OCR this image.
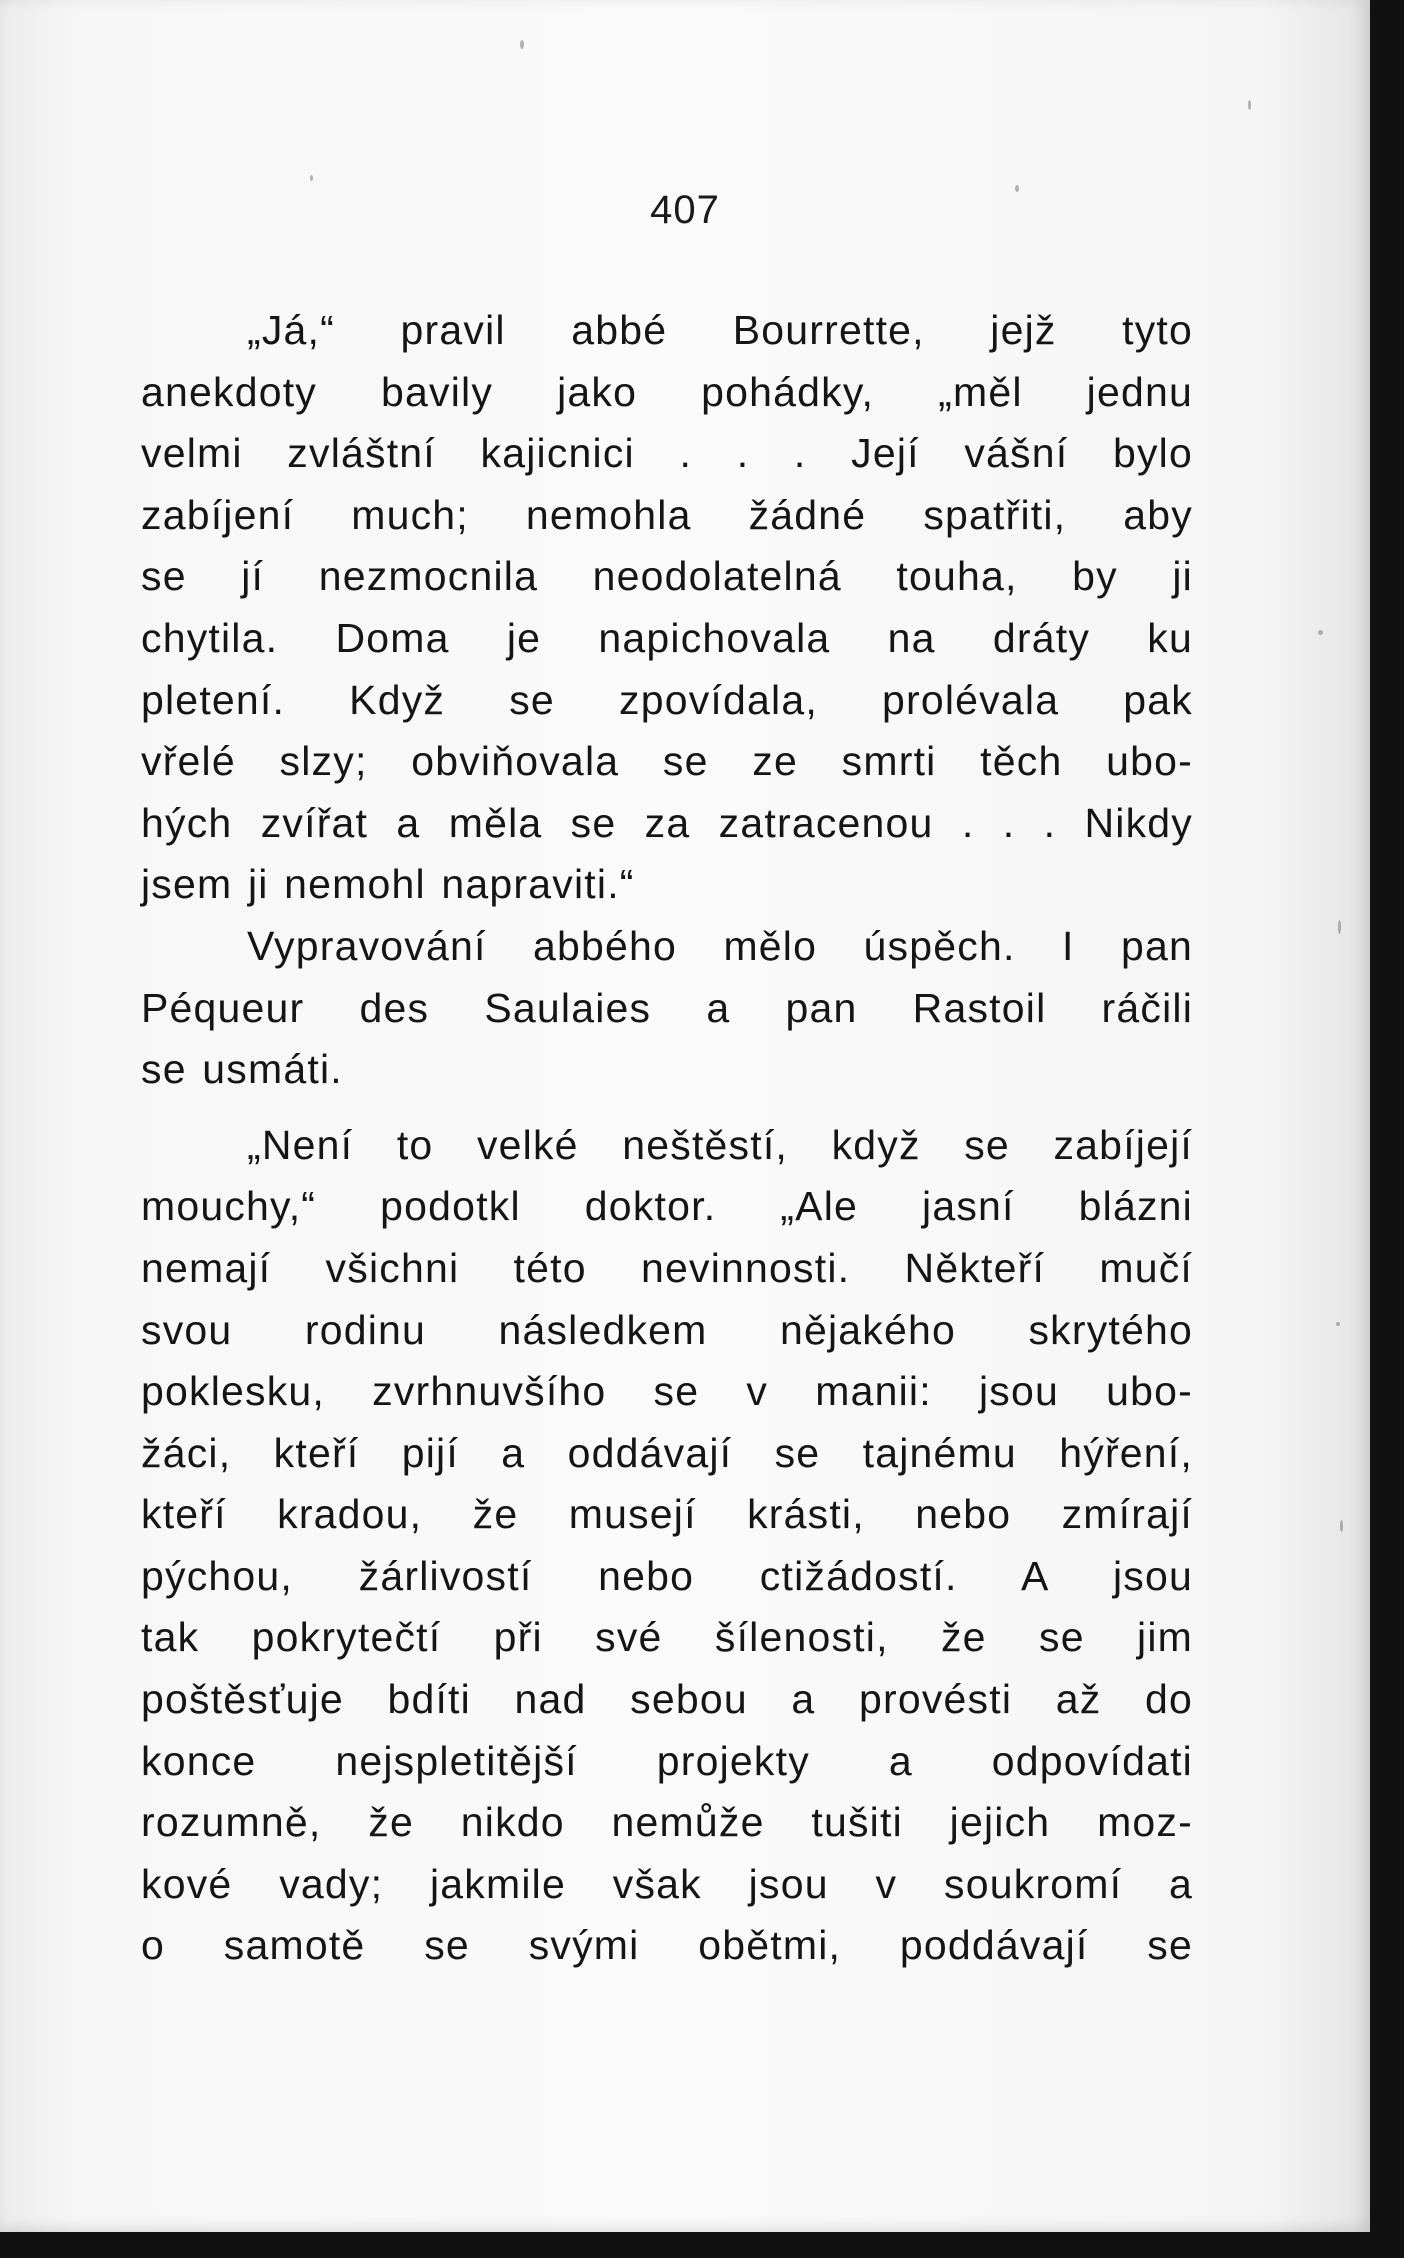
407
„Já,“ pravil abbé Bourrette, jejž tyto
anekdoty bavily jako pohádky, „měl jednu
velmi zvláštní kajicnici . . . Její vášní bylo
zabíjení much; nemohla žádné spatřiti, aby
se jí nezmocnila neodolatelná touha, by ji
chytila. Doma je napichovala na dráty ku
pletení. Když se zpovídala, prolévala pak
vřelé slzy; obviňovala se ze smrti těch ubo-
hých zvířat a měla se za zatracenou . . . Nikdy
jsem ji nemohl napraviti.“
Vypravování abbého mělo úspěch. I pan
Péqueur des Saulaies a pan Rastoil ráčili
se usmáti.
„Není to velké neštěstí, když se zabíjejí
mouchy,“ podotkl doktor. „Ale jasní blázni
nemají všichni této nevinnosti. Někteří mučí
svou rodinu následkem nějakého skrytého
poklesku, zvrhnuvšího se v manii: jsou ubo-
žáci, kteří pijí a oddávají se tajnému hýření,
kteří kradou, že musejí krásti, nebo zmírají
pýchou, žárlivostí nebo ctižádostí. A jsou
tak pokrytečtí při své šílenosti, že se jim
poštěsťuje bdíti nad sebou a provésti až do
konce nejspletitější projekty a odpovídati
rozumně, že nikdo nemůže tušiti jejich moz-
kové vady; jakmile však jsou v soukromí a
o samotě se svými obětmi, poddávají se
